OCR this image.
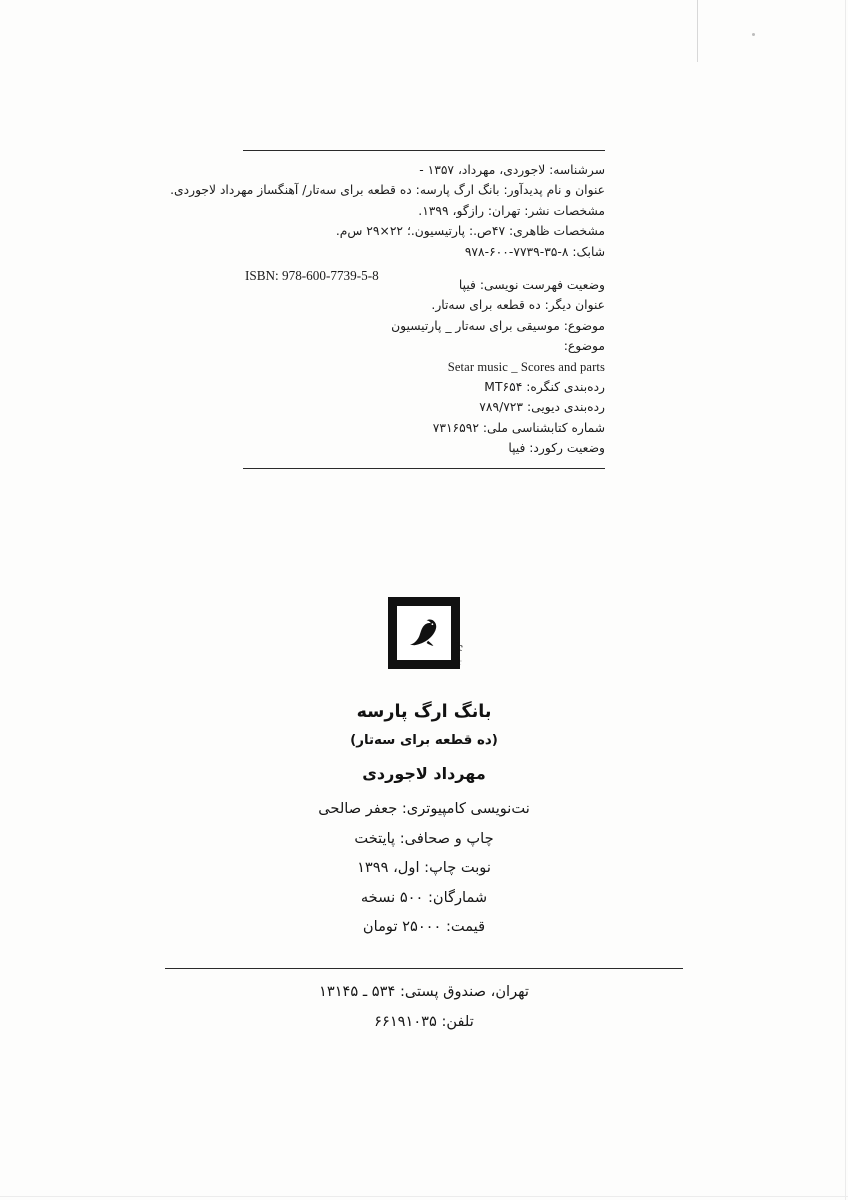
سرشناسه: لاجوردی، مهرداد، ۱۳۵۷ -
عنوان و نام پدیدآور: بانگ ارگ پارسه: ده قطعه برای سه‌تار/ آهنگساز مهرداد لاجوردی.
مشخصات نشر: تهران: رازگو، ۱۳۹۹.
مشخصات ظاهری: ۴۷ص.: پارتیسیون.؛ ۲۲×۲۹ س‌م.
شابک: ۸-۳۵-۷۷۳۹-۶۰۰-۹۷۸
وضعیت فهرست نویسی: فیپا
عنوان دیگر: ده قطعه برای سه‌تار.
موضوع: موسیقی برای سه‌تار _ پارتیسیون
موضوع:
Setar music _ Scores and parts
رده‌بندی کنگره: MT۶۵۴
رده‌بندی دیویی: ۷۸۹/۷۲۳
شماره کتابشناسی ملی: ۷۳۱۶۵۹۲
وضعیت رکورد: فیپا
ISBN: 978-600-7739-5-8
نشر رازگو
بانگ ارگ پارسه
(ده قطعه برای سه‌تار)
مهرداد لاجوردی
نت‌نویسی کامپیوتری: جعفر صالحی
چاپ و صحافی: پایتخت
نوبت چاپ: اول، ۱۳۹۹
شمارگان: ۵۰۰ نسخه
قیمت: ۲۵۰۰۰ تومان
تهران، صندوق پستی: ۵۳۴ ـ ۱۳۱۴۵
تلفن: ۶۶۱۹۱۰۳۵
